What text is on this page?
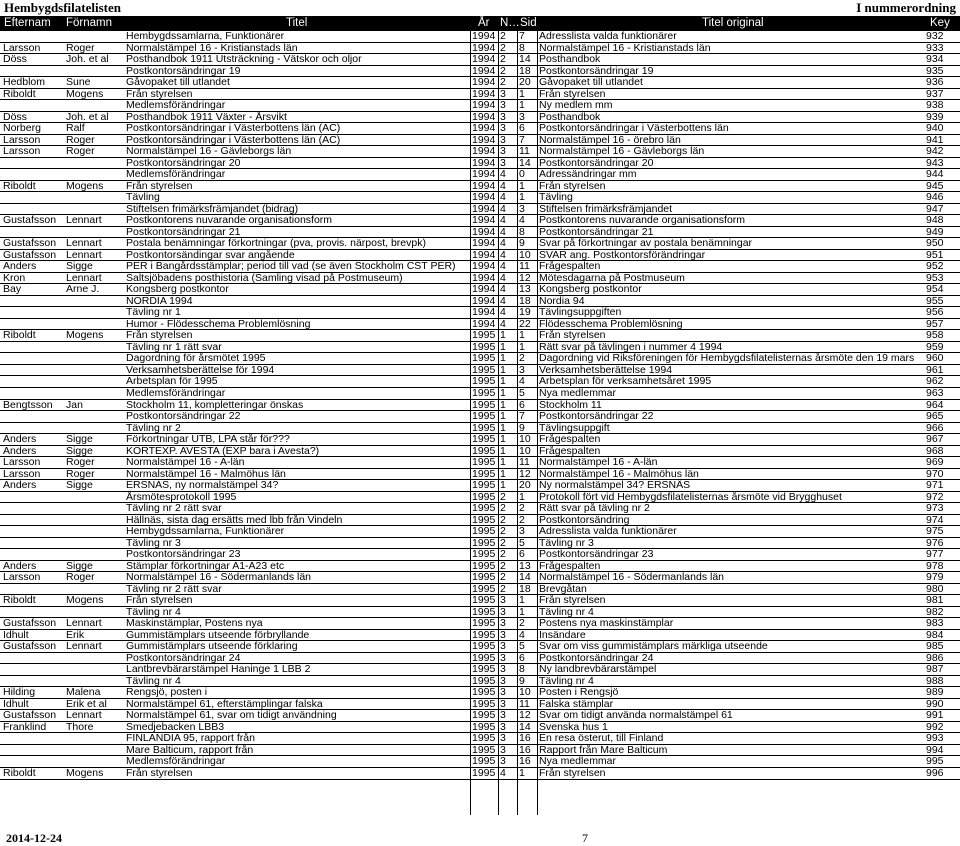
Hembygdsfilatelisten	I nummerordning
Efternam Förnamn	Titel	År N… Sid	Titel original	Key
Hembygdssamlarna, Funktionärer	1994 2	7	Adresslista valda funktionärer	932
Larsson	Roger	Normalstämpel 16 - Kristianstads län	1994 2	8	Normalstämpel 16 - Kristianstads län	933
Döss	Joh. et al	Posthandbok 1911 Utsträckning - Vätskor och oljor	1994 2	14 Posthandbok	934
Postkontorsändringar 19	1994 2	18 Postkontorsändringar 19	935
Hedblom	Sune	Gåvopaket till utlandet	1994 2	20 Gåvopaket till utlandet	936
Riboldt	Mogens	Från styrelsen	1994 3	1	Från styrelsen	937
Medlemsförändringar	1994 3	1	Ny medlem mm	938
Döss	Joh. et al	Posthandbok 1911 Växter - Årsvikt	1994 3	3	Posthandbok	939
Norberg	Ralf	Postkontorsändringar i Västerbottens län (AC)	1994 3	6	Postkontorsändringar i Västerbottens län	940
Larsson	Roger	Postkontorsändringar i Västerbottens län (AC)	1994 3	7	Normalstämpel 16 - örebro län	941
Larsson	Roger	Normalstämpel 16 - Gävleborgs län	1994 3	11 Normalstämpel 16 - Gävleborgs län	942
Postkontorsändringar 20	1994 3	14 Postkontorsändringar 20	943
Medlemsförändringar	1994 4	0	Adressändringar mm	944
Riboldt	Mogens	Från styrelsen	1994 4	1	Från styrelsen	945
Tävling	1994 4	1	Tävling	946
Stiftelsen frimärksfrämjandet (bidrag)	1994 4	3	Stiftelsen frimärksfrämjandet	947
Gustafsson Lennart	Postkontorens nuvarande organisationsform	1994 4	4	Postkontorens nuvarande organisationsform	948
Postkontorsändringar 21	1994 4	8	Postkontorsändringar 21	949
Gustafsson Lennart	Postala benämningar förkortningar (pva, provis. närpost, brevpk)	1994 4	9	Svar på förkortningar av postala benämningar	950
Gustafsson Lennart	Postkontorsändingar svar angående	1994 4	10 SVAR ang. Postkontorsförändringar	951
Anders	Sigge	PER i Bangårdsstämplar; period till vad (se även Stockholm CST PER)	1994 4	11 Frågespalten	952
Kron	Lennart	Saltsjöbadens posthistoria (Samling visad på Postmuseum)	1994 4	12 Mötesdagarna på Postmuseum	953
Bay	Arne J.	Kongsberg postkontor	1994 4	13 Kongsberg postkontor	954
NORDIA 1994	1994 4	18 Nordia 94	955
Tävling nr 1	1994 4	19 Tävlingsuppgiften	956
Humor - Flödesschema Problemlösning	1994 4	22 Flödesschema Problemlösning	957
Riboldt	Mogens	Från styrelsen	1995 1	1	Från styrelsen	958
Tävling nr 1 rätt svar	1995 1	1	Rätt svar på tävlingen i nummer 4 1994	959
Dagordning för årsmötet 1995	1995 1	2	Dagordning vid Riksföreningen för Hembygdsfilatelisternas årsmöte den 19 mars	960
Verksamhetsberättelse för 1994	1995 1	3	Verksamhetsberättelse 1994	961
Arbetsplan för 1995	1995 1	4	Arbetsplan för verksamhetsåret 1995	962
Medlemsförändringar	1995 1	5	Nya medlemmar	963
Bengtsson	Jan	Stockholm 11, kompletteringar önskas	1995 1	6	Stockholm 11	964
Postkontorsändringar 22	1995 1	7	Postkontorsändringar 22	965
Tävling nr 2	1995 1	9	Tävlingsuppgift	966
Anders	Sigge	Förkortningar UTB, LPA står för???	1995 1	10 Frågespalten	967
Anders	Sigge	KORTEXP. AVESTA (EXP bara i Avesta?)	1995 1	10 Frågespalten	968
Larsson	Roger	Normalstämpel 16 - A-län	1995 1	11 Normalstämpel 16 - A-län	969
Larsson	Roger	Normalstämpel 16 - Malmöhus län	1995 1	12 Normalstämpel 16 - Malmöhus län	970
Anders	Sigge	ERSNAS, ny normalstämpel 34?	1995 1	20 Ny normalstämpel 34? ERSNÄS	971
Årsmötesprotokoll 1995	1995 2	1	Protokoll fört vid Hembygdsfilatelisternas årsmöte vid Brygghuset	972
Tävling nr 2 rätt svar	1995 2	2	Rätt svar på tävling nr 2	973
Hällnäs, sista dag ersätts med lbb från Vindeln	1995 2	2	Postkontorsändring	974
Hembygdssamlarna, Funktionärer	1995 2	3	Adresslista valda funktionärer	975
Tävling nr 3	1995 2	5	Tävling nr 3	976
Postkontorsändringar 23	1995 2	6	Postkontorsändringar 23	977
Anders	Sigge	Stämplar förkortningar A1-A23 etc	1995 2	13 Frågespalten	978
Larsson	Roger	Normalstämpel 16 - Södermanlands län	1995 2	14 Normalstämpel 16 - Södermanlands län	979
Tävling nr 2 rätt svar	1995 2	18 Brevgåtan	980
Riboldt	Mogens	Från styrelsen	1995 3	1	Från styrelsen	981
Tävling nr 4	1995 3	1	Tävling nr 4	982
Gustafsson Lennart	Maskinstämplar, Postens nya	1995 3	2	Postens nya maskinstämplar	983
Idhult	Erik	Gummistämplars utseende förbryllande	1995 3	4	Insändare	984
Gustafsson Lennart	Gummistämplars utseende förklaring	1995 3	5	Svar om viss gummistämplars märkliga utseende	985
Postkontorsändringar 24	1995 3	6	Postkontorsändringar 24	986
Lantbrevbärarstämpel Haninge 1 LBB 2	1995 3	8	Ny landbrevbärarstämpel	987
Tävling nr 4	1995 3	9	Tävling nr 4	988
Hilding	Malena	Rengsjö, posten i	1995 3	10 Posten i Rengsjö	989
Idhult	Erik et al	Normalstämpel 61, efterstämplingar falska	1995 3	11 Falska stämplar	990
Gustafsson Lennart	Normalstämpel 61, svar om tidigt användning	1995 3	12 Svar om tidigt använda normalstämpel 61	991
Franklind	Thore	Smedjebacken LBB3	1995 3	14 Svenska hus 1	992
FINLANDIA 95, rapport från	1995 3	16 En resa österut, till Finland	993
Mare Balticum, rapport från	1995 3	16 Rapport från Mare Balticum	994
Medlemsförändringar	1995 3	16 Nya medlemmar	995
Riboldt	Mogens	Från styrelsen	1995 4	1	Från styrelsen	996
2014-12-24	7
